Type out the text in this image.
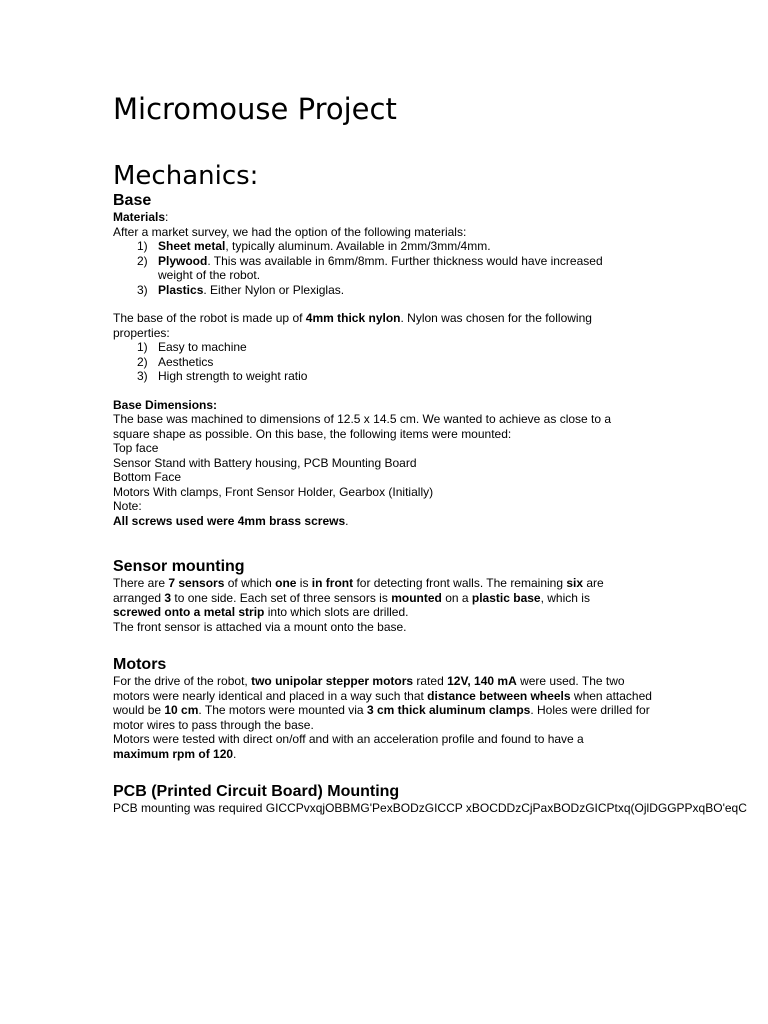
Micromouse Project
Mechanics:
Base
Materials:
After a market survey, we had the option of the following materials:
1) Sheet metal, typically aluminum. Available in 2mm/3mm/4mm.
2) Plywood. This was available in 6mm/8mm. Further thickness would have increased weight of the robot.
3) Plastics. Either Nylon or Plexiglas.
The base of the robot is made up of 4mm thick nylon. Nylon was chosen for the following properties:
1) Easy to machine
2) Aesthetics
3) High strength to weight ratio
Base Dimensions:
The base was machined to dimensions of 12.5 x 14.5 cm. We wanted to achieve as close to a square shape as possible. On this base, the following items were mounted:
Top face
Sensor Stand with Battery housing, PCB Mounting Board
Bottom Face
Motors With clamps, Front Sensor Holder, Gearbox (Initially)
Note:
All screws used were 4mm brass screws.
Sensor mounting
There are 7 sensors of which one is in front for detecting front walls. The remaining six are arranged 3 to one side. Each set of three sensors is mounted on a plastic base, which is screwed onto a metal strip into which slots are drilled.
The front sensor is attached via a mount onto the base.
Motors
For the drive of the robot, two unipolar stepper motors rated 12V, 140 mA were used. The two motors were nearly identical and placed in a way such that distance between wheels when attached would be 10 cm. The motors were mounted via 3 cm thick aluminum clamps. Holes were drilled for motor wires to pass through the base.
Motors were tested with direct on/off and with an acceleration profile and found to have a maximum rpm of 120.
PCB (Printed Circuit Board) Mounting
PCB mounting was required GICCPvxqjOBBMG'PexBODzGICCP xBOCDDzCjPaxBODzGICPtxq(OjlDGGPPxqBO'eqC
